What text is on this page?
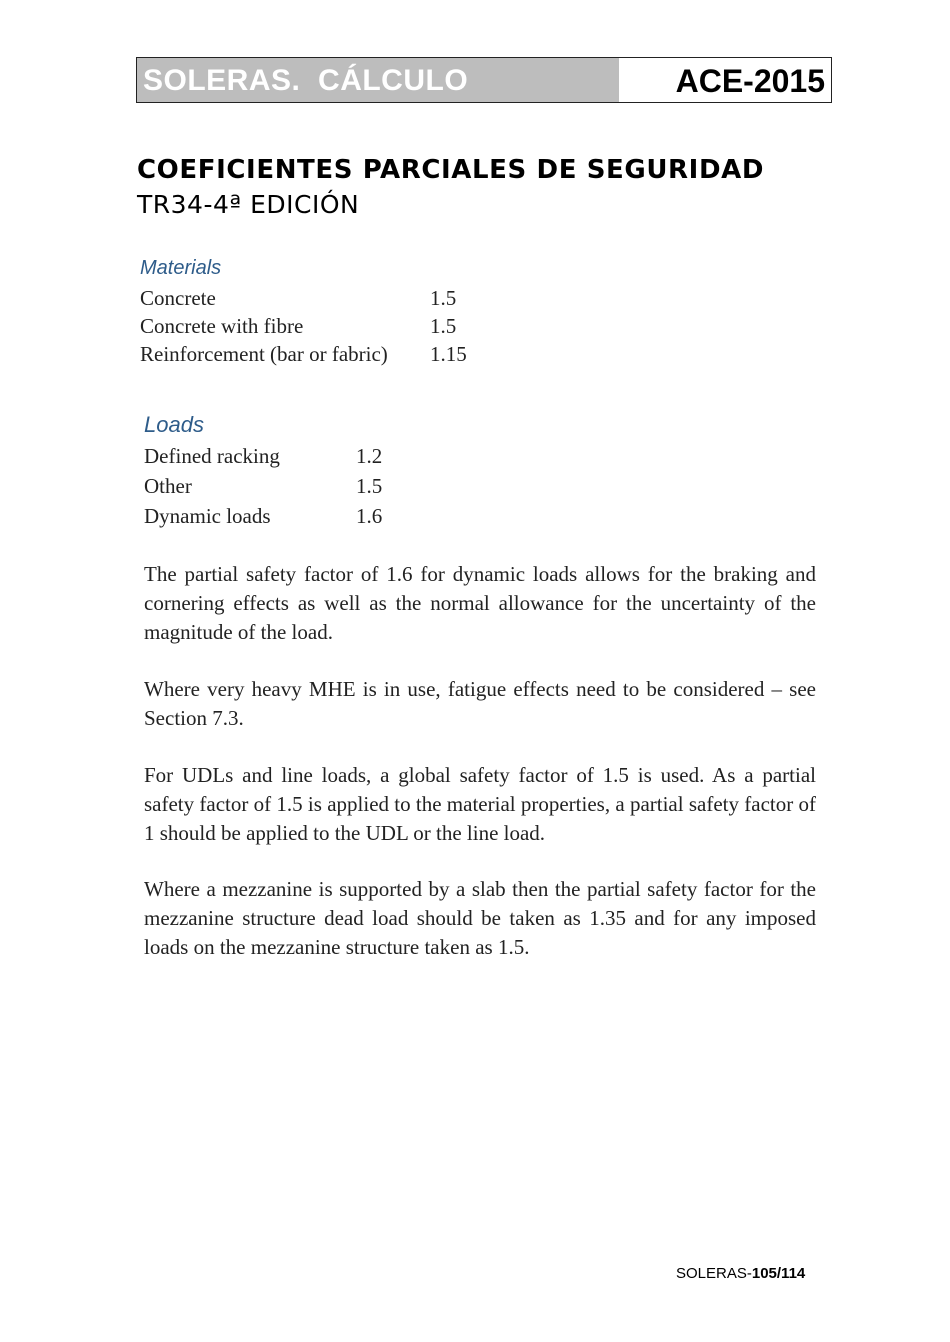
SOLERAS.  CÁLCULO	ACE-2015
COEFICIENTES PARCIALES DE SEGURIDAD
TR34-4ª EDICIÓN
Materials
Concrete	1.5
Concrete with fibre	1.5
Reinforcement (bar or fabric)	1.15
Loads
Defined racking	1.2
Other	1.5
Dynamic loads	1.6

The partial safety factor of 1.6 for dynamic loads allows for the braking and cornering effects as well as the normal allowance for the uncertainty of the magnitude of the load.

Where very heavy MHE is in use, fatigue effects need to be considered – see Section 7.3.

For UDLs and line loads, a global safety factor of 1.5 is used. As a partial safety factor of 1.5 is applied to the material properties, a partial safety factor of 1 should be applied to the UDL or the line load.

Where a mezzanine is supported by a slab then the partial safety factor for the mezzanine structure dead load should be taken as 1.35 and for any imposed loads on the mezzanine structure taken as 1.5.

SOLERAS-105/114
